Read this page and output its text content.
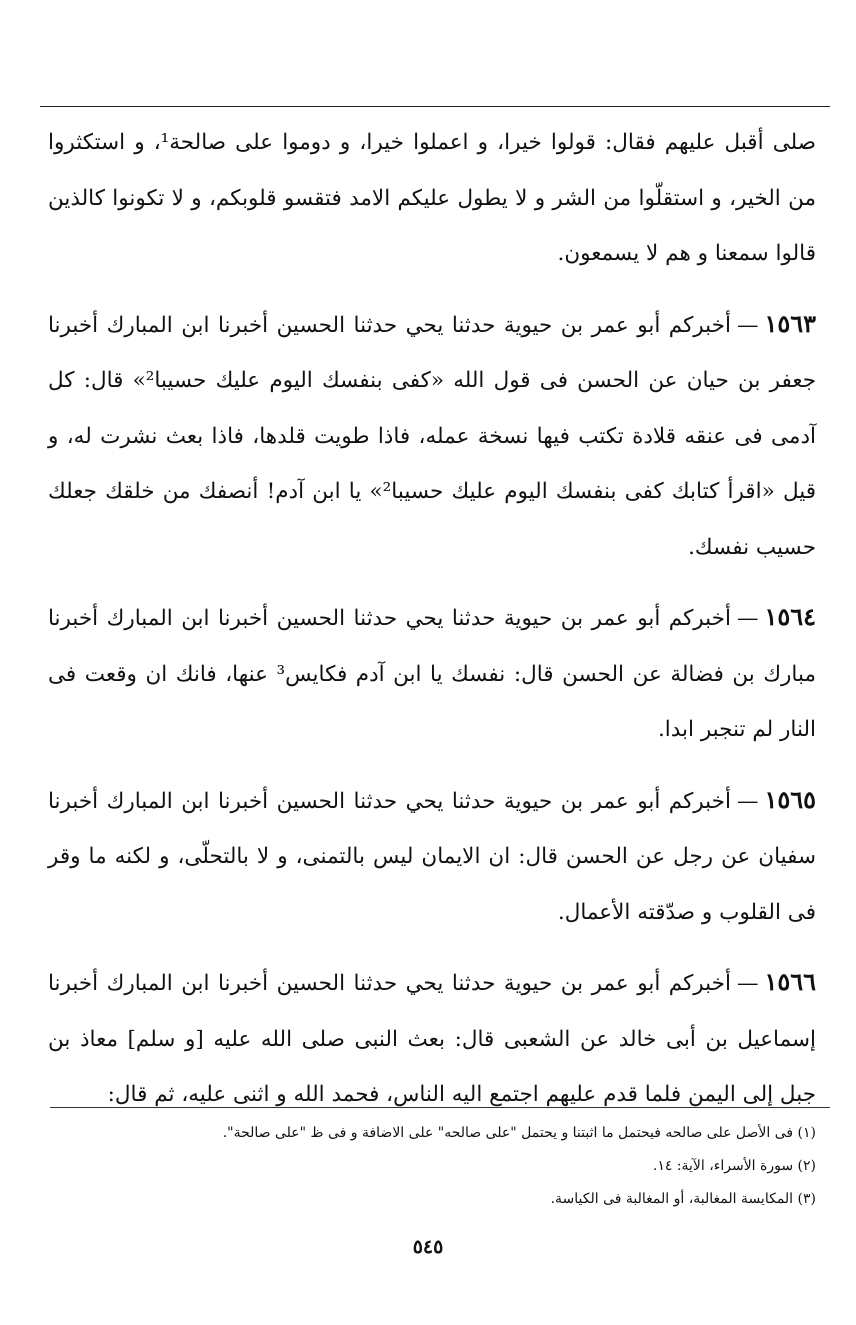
صلى أقبل عليهم فقال: قولوا خيرا، و اعملوا خيرا، و دوموا على صالحة¹، و استكثروا من الخير، و استقلّوا من الشر و لا يطول عليكم الامد فتقسو قلوبكم، و لا تكونوا كالذين قالوا سمعنا و هم لا يسمعون.

١٥٦٣—أخبركم أبو عمر بن حيوية حدثنا يحي حدثنا الحسين أخبرنا ابن المبارك أخبرنا جعفر بن حيان عن الحسن فى قول الله «كفى بنفسك اليوم عليك حسيبا²» قال: كل آدمى فى عنقه قلادة تكتب فيها نسخة عمله، فاذا طويت قلدها، فاذا بعث نشرت له، و قيل «اقرأ كتابك كفى بنفسك اليوم عليك حسيبا²» يا ابن آدم! أنصفك من خلقك جعلك حسيب نفسك.

١٥٦٤—أخبركم أبو عمر بن حيوية حدثنا يحي حدثنا الحسين أخبرنا ابن المبارك أخبرنا مبارك بن فضالة عن الحسن قال: نفسك يا ابن آدم فكايس³ عنها، فانك ان وقعت فى النار لم تنجبر ابدا.

١٥٦٥—أخبركم أبو عمر بن حيوية حدثنا يحي حدثنا الحسين أخبرنا ابن المبارك أخبرنا سفيان عن رجل عن الحسن قال: ان الايمان ليس بالتمنى، و لا بالتحلّى، و لكنه ما وقر فى القلوب و صدّقته الأعمال.

١٥٦٦—أخبركم أبو عمر بن حيوية حدثنا يحي حدثنا الحسين أخبرنا ابن المبارك أخبرنا إسماعيل بن أبى خالد عن الشعبى قال: بعث النبى صلى الله عليه [و سلم] معاذ بن جبل إلى اليمن فلما قدم عليهم اجتمع اليه الناس، فحمد الله و اثنى عليه، ثم قال:

(١) فى الأصل على صالحه فيحتمل ما اثبتنا و يحتمل "على صالحه" على الاضافة و فى ظ "على صالحة".

(٢) سورة الأسراء، الآية: ١٤.

(٣) المكايسة المغالبة، أو المغالبة فى الكياسة.

٥٤٥
